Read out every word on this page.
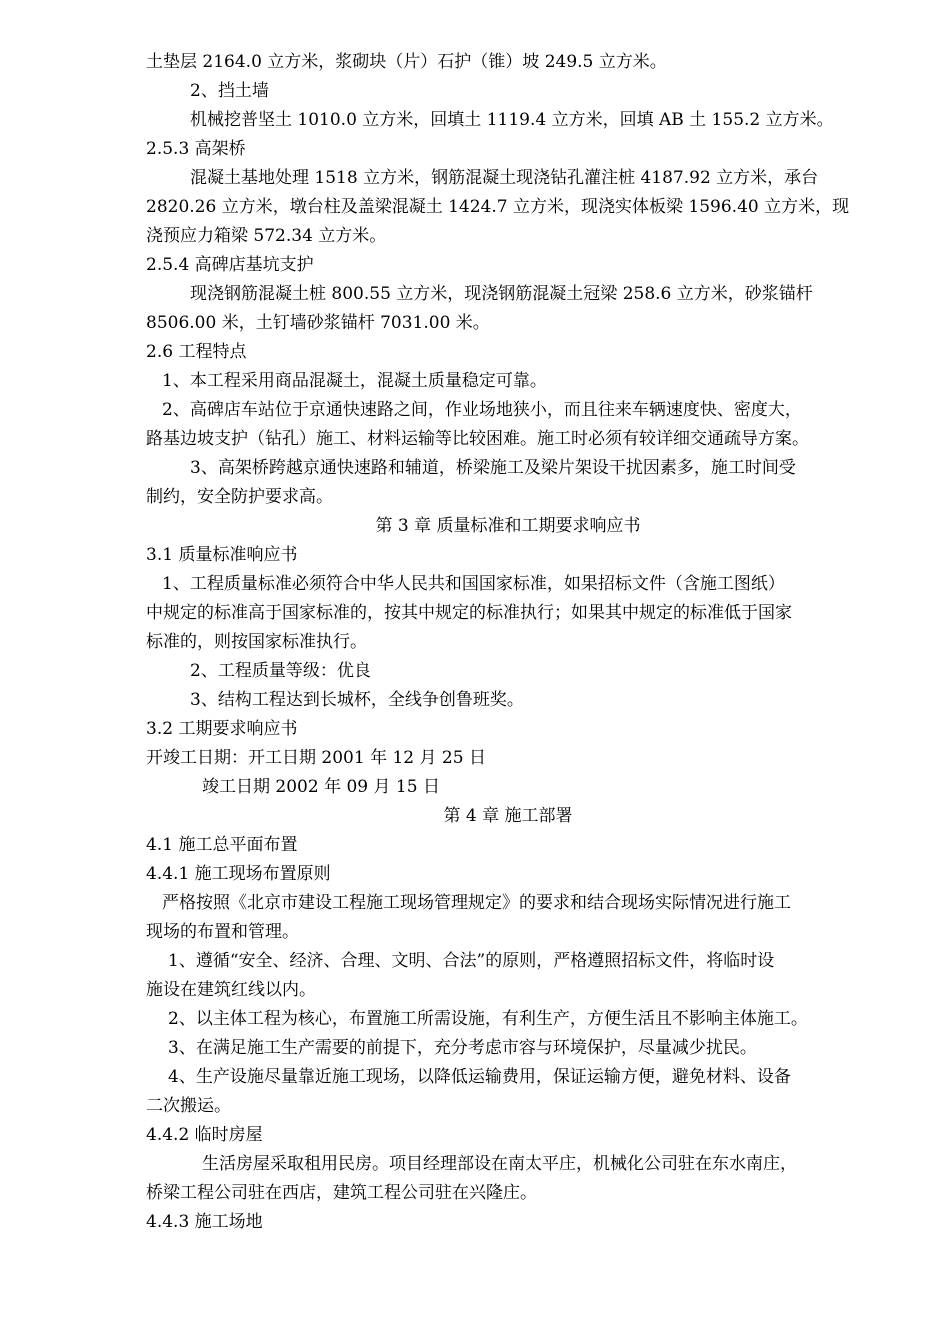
土垫层 2164.0 立方米，浆砌块（片）石护（锥）坡 249.5 立方米。
2、挡土墙
机械挖普坚土 1010.0 立方米，回填土 1119.4 立方米，回填 AB 土 155.2 立方米。
2.5.3 高架桥
混凝土基地处理 1518 立方米，钢筋混凝土现浇钻孔灌注桩 4187.92 立方米，承台
2820.26 立方米，墩台柱及盖梁混凝土 1424.7 立方米，现浇实体板梁 1596.40 立方米，现
浇预应力箱梁 572.34 立方米。
2.5.4 高碑店基坑支护
现浇钢筋混凝土桩 800.55 立方米，现浇钢筋混凝土冠梁 258.6 立方米，砂浆锚杆
8506.00 米，土钉墙砂浆锚杆 7031.00 米。
2.6 工程特点
1、本工程采用商品混凝土，混凝土质量稳定可靠。
2、高碑店车站位于京通快速路之间，作业场地狭小，而且往来车辆速度快、密度大，
路基边坡支护（钻孔）施工、材料运输等比较困难。施工时必须有较详细交通疏导方案。
3、高架桥跨越京通快速路和辅道，桥梁施工及梁片架设干扰因素多，施工时间受
制约，安全防护要求高。
第 3 章 质量标准和工期要求响应书
3.1 质量标准响应书
1、工程质量标准必须符合中华人民共和国国家标准，如果招标文件（含施工图纸）
中规定的标准高于国家标准的，按其中规定的标准执行；如果其中规定的标准低于国家
标准的，则按国家标准执行。
2、工程质量等级：优良
3、结构工程达到长城杯，全线争创鲁班奖。
3.2 工期要求响应书
开竣工日期：开工日期 2001 年 12 月 25 日
竣工日期 2002 年 09 月 15 日
第 4 章 施工部署
4.1 施工总平面布置
4.4.1 施工现场布置原则
严格按照《北京市建设工程施工现场管理规定》的要求和结合现场实际情况进行施工
现场的布置和管理。
1、遵循“安全、经济、合理、文明、合法”的原则，严格遵照招标文件，将临时设
施设在建筑红线以内。
2、以主体工程为核心，布置施工所需设施，有利生产，方便生活且不影响主体施工。
3、在满足施工生产需要的前提下，充分考虑市容与环境保护，尽量减少扰民。
4、生产设施尽量靠近施工现场，以降低运输费用，保证运输方便，避免材料、设备
二次搬运。
4.4.2 临时房屋
生活房屋采取租用民房。项目经理部设在南太平庄，机械化公司驻在东水南庄，
桥梁工程公司驻在西店，建筑工程公司驻在兴隆庄。
4.4.3 施工场地
